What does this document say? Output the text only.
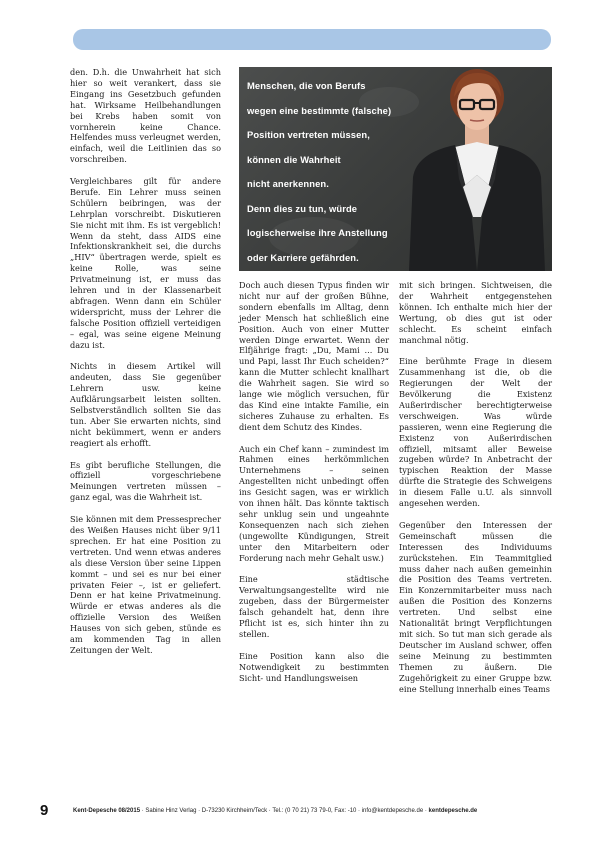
den. D.h. die Unwahrheit hat sich hier so weit verankert, dass sie Eingang ins Gesetzbuch gefunden hat. Wirksame Heilbehandlungen bei Krebs haben somit von vornherein keine Chance. Helfendes muss verleugnet werden, einfach, weil die Leitlinien das so vorschreiben.

Vergleichbares gilt für andere Berufe. Ein Lehrer muss seinen Schülern beibringen, was der Lehrplan vorschreibt. Diskutieren Sie nicht mit ihm. Es ist vergeblich! Wenn da steht, dass AIDS eine Infektionskrankheit sei, die durchs „HIV“ übertragen werde, spielt es keine Rolle, was seine Privatmeinung ist, er muss das lehren und in der Klassenarbeit abfragen. Wenn dann ein Schüler widerspricht, muss der Lehrer die falsche Position offiziell verteidigen – egal, was seine eigene Meinung dazu ist.

Nichts in diesem Artikel will andeuten, dass Sie gegenüber Lehrern usw. keine Aufklärungsarbeit leisten sollten. Selbstverständlich sollten Sie das tun. Aber Sie erwarten nichts, sind nicht bekümmert, wenn er anders reagiert als erhofft.

Es gibt berufliche Stellungen, die offiziell vorgeschriebene Meinungen vertreten müssen – ganz egal, was die Wahrheit ist.

Sie können mit dem Pressesprecher des Weißen Hauses nicht über 9/11 sprechen. Er hat eine Position zu vertreten. Und wenn etwas anderes als diese Version über seine Lippen kommt – und sei es nur bei einer privaten Feier –, ist er geliefert. Denn er hat keine Privatmeinung. Würde er etwas anderes als die offizielle Version des Weißen Hauses von sich geben, stünde es am kommenden Tag in allen Zeitungen der Welt.

Menschen, die von Berufs
wegen eine bestimmte (falsche)
Position vertreten müssen,
können die Wahrheit
nicht anerkennen.
Denn dies zu tun, würde
logischerweise ihre Anstellung
oder Karriere gefährden.

Doch auch diesen Typus finden wir nicht nur auf der großen Bühne, sondern ebenfalls im Alltag, denn jeder Mensch hat schließlich eine Position. Auch von einer Mutter werden Dinge erwartet. Wenn der Elfjährige fragt: „Du, Mami ... Du und Papi, lasst Ihr Euch scheiden?“ kann die Mutter schlecht knallhart die Wahrheit sagen. Sie wird so lange wie möglich versuchen, für das Kind eine intakte Familie, ein sicheres Zuhause zu erhalten. Es dient dem Schutz des Kindes.

Auch ein Chef kann – zumindest im Rahmen eines herkömmlichen Unternehmens – seinen Angestellten nicht unbedingt offen ins Gesicht sagen, was er wirklich von ihnen hält. Das könnte taktisch sehr unklug sein und ungeahnte Konsequenzen nach sich ziehen (ungewollte Kündigungen, Streit unter den Mitarbeitern oder Forderung nach mehr Gehalt usw.)

Eine städtische Verwaltungsangestellte wird nie zugeben, dass der Bürgermeister falsch gehandelt hat, denn ihre Pflicht ist es, sich hinter ihn zu stellen.

Eine Position kann also die Notwendigkeit zu bestimmten Sicht- und Handlungsweisen

mit sich bringen. Sichtweisen, die der Wahrheit entgegenstehen können. Ich enthalte mich hier der Wertung, ob dies gut ist oder schlecht. Es scheint einfach manchmal nötig.

Eine berühmte Frage in diesem Zusammenhang ist die, ob die Regierungen der Welt der Bevölkerung die Existenz Außerirdischer berechtigterweise verschweigen. Was würde passieren, wenn eine Regierung die Existenz von Außerirdischen offiziell, mitsamt aller Beweise zugeben würde? In Anbetracht der typischen Reaktion der Masse dürfte die Strategie des Schweigens in diesem Falle u.U. als sinnvoll angesehen werden.

Gegenüber den Interessen der Gemeinschaft müssen die Interessen des Individuums zurückstehen. Ein Teammitglied muss daher nach außen gemeinhin die Position des Teams vertreten. Ein Konzernmitarbeiter muss nach außen die Position des Konzerns vertreten. Und selbst eine Nationalität bringt Verpflichtungen mit sich. So tut man sich gerade als Deutscher im Ausland schwer, offen seine Meinung zu bestimmten Themen zu äußern. Die Zugehörigkeit zu einer Gruppe bzw. eine Stellung innerhalb eines Teams

9	Kent-Depesche 08/2015 · Sabine Hinz Verlag · D-73230 Kirchheim/Teck · Tel.: (0 70 21) 73 79-0, Fax: -10 · info@kentdepesche.de · kentdepesche.de
